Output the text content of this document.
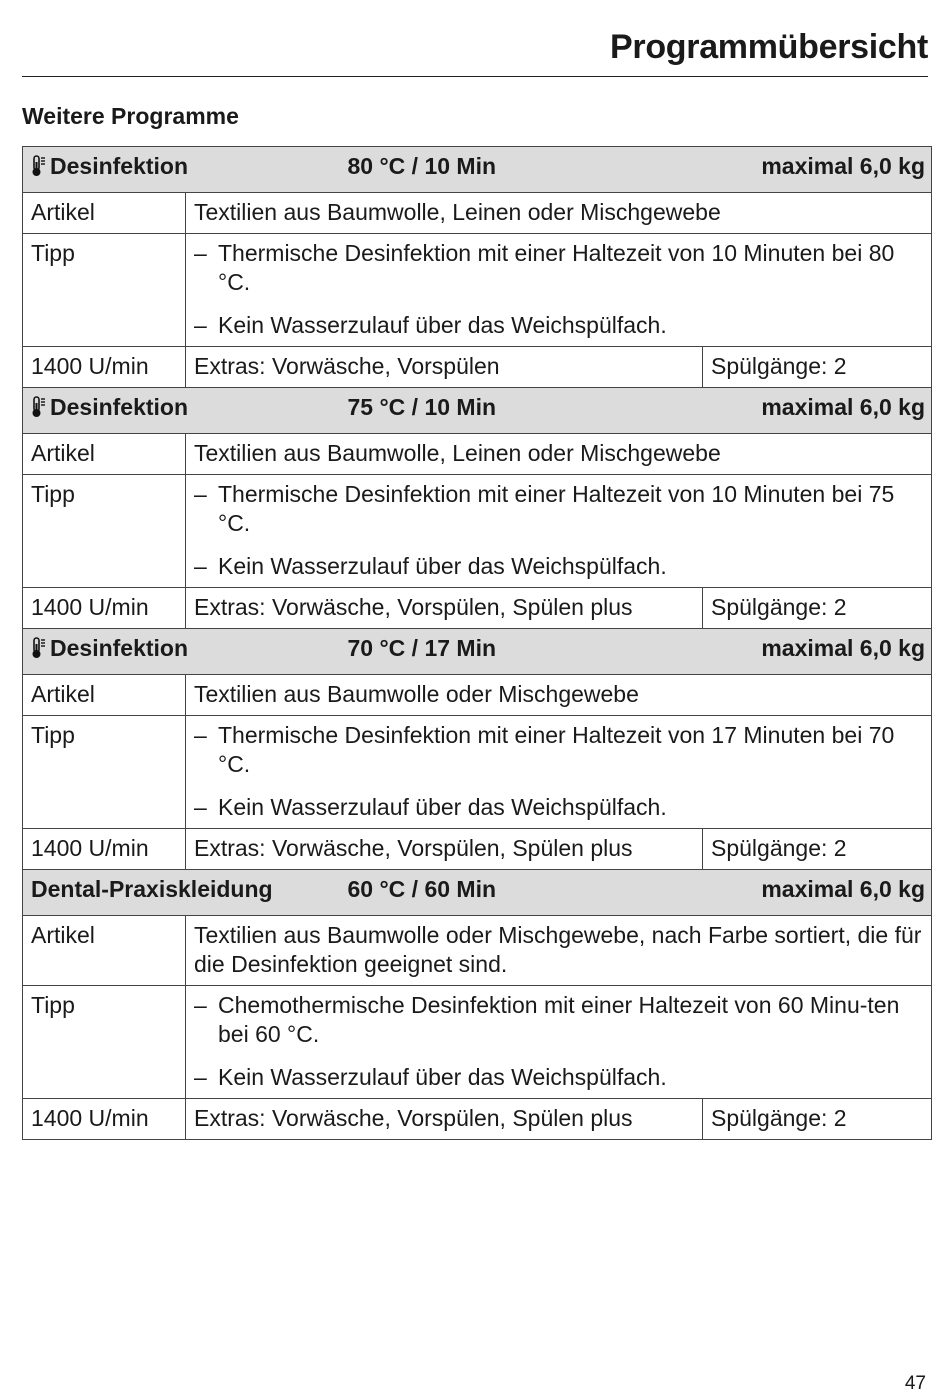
Programmübersicht
Weitere Programme
Desinfektion		80 °C / 10 Min	maximal 6,0 kg
Artikel	Textilien aus Baumwolle, Leinen oder Mischgewebe		
Tipp	– Thermische Desinfektion mit einer Haltezeit von 10 Minuten bei 80 °C.
– Kein Wasserzulauf über das Weichspülfach.		

1400 U/min	Extras: Vorwäsche, Vorspülen		Spülgänge: 2
Desinfektion		75 °C / 10 Min	maximal 6,0 kg
Artikel	Textilien aus Baumwolle, Leinen oder Mischgewebe		
Tipp	– Thermische Desinfektion mit einer Haltezeit von 10 Minuten bei 75 °C.
– Kein Wasserzulauf über das Weichspülfach.		

1400 U/min	Extras: Vorwäsche, Vorspülen, Spülen plus		Spülgänge: 2
Desinfektion		70 °C / 17 Min	maximal 6,0 kg
Artikel	Textilien aus Baumwolle oder Mischgewebe		
Tipp	– Thermische Desinfektion mit einer Haltezeit von 17 Minuten bei 70 °C.
– Kein Wasserzulauf über das Weichspülfach.		

1400 U/min	Extras: Vorwäsche, Vorspülen, Spülen plus		Spülgänge: 2
Dental-Praxiskleidung		60 °C / 60 Min	maximal 6,0 kg
Artikel	Textilien aus Baumwolle oder Mischgewebe, nach Farbe sortiert, die für die Desinfektion geeignet sind.		
Tipp	– Chemothermische Desinfektion mit einer Haltezeit von 60 Minu-ten bei 60 °C.
– Kein Wasserzulauf über das Weichspülfach.		

1400 U/min	Extras: Vorwäsche, Vorspülen, Spülen plus		Spülgänge: 2
47
